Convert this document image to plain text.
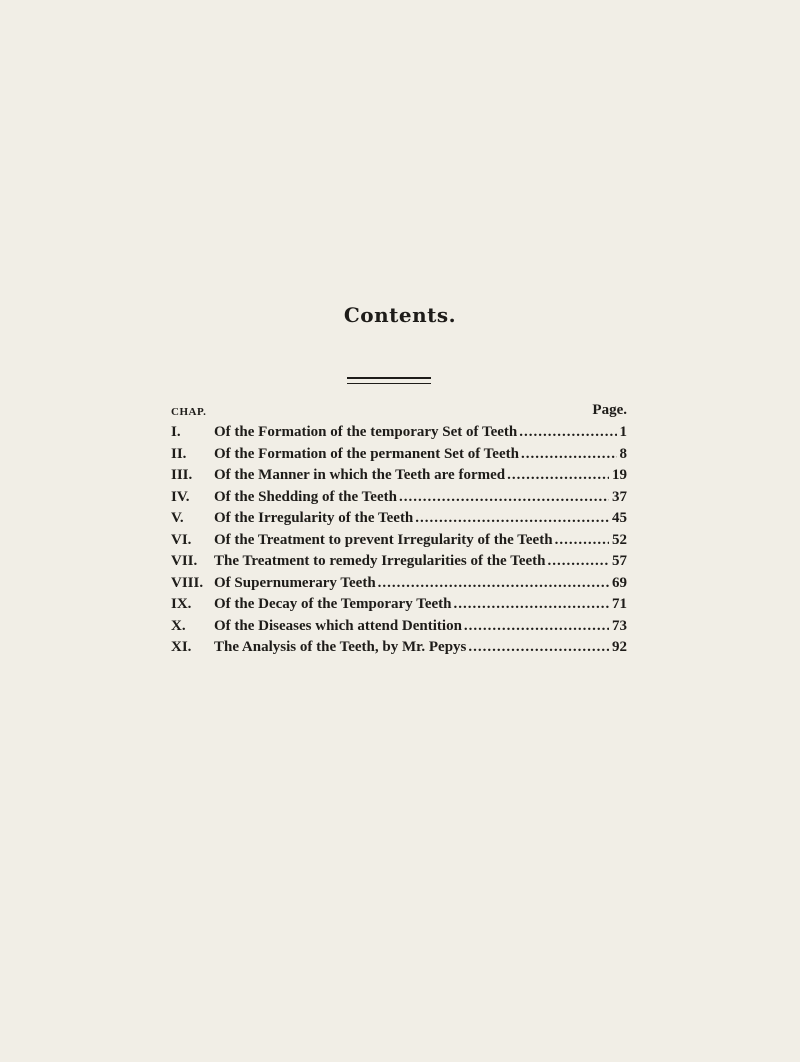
Contents.
CHAP.	Page.
I.	Of the Formation of the temporary Set of Teeth .....	1
II.	Of the Formation of the permanent Set of Teeth .....	8
III.	Of the Manner in which the Teeth are formed .....	19
IV.	Of the Shedding of the Teeth .....	37
V.	Of the Irregularity of the Teeth .....	45
VI.	Of the Treatment to prevent Irregularity of the Teeth .....	52
VII.	The Treatment to remedy Irregularities of the Teeth .....	57
VIII. Of Supernumerary Teeth .....	69
IX.	Of the Decay of the Temporary Teeth .....	71
X.	Of the Diseases which attend Dentition .....	73
XI.	The Analysis of the Teeth, by Mr. Pepys .....	92
